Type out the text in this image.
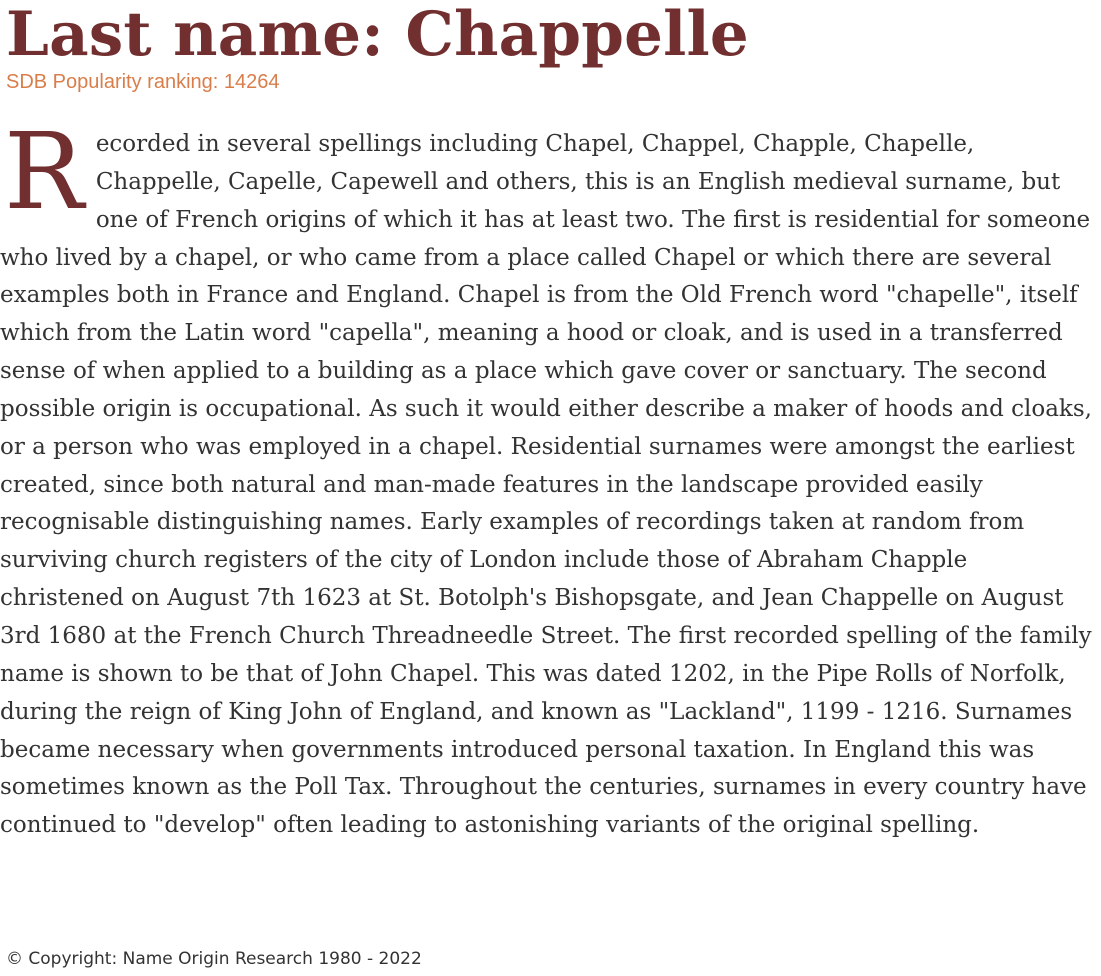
Last name: Chappelle
SDB Popularity ranking: 14264

Recorded in several spellings including Chapel, Chappel, Chapple, Chapelle, Chappelle, Capelle, Capewell and others, this is an English medieval surname, but one of French origins of which it has at least two. The first is residential for someone who lived by a chapel, or who came from a place called Chapel or which there are several examples both in France and England. Chapel is from the Old French word "chapelle", itself which from the Latin word "capella", meaning a hood or cloak, and is used in a transferred sense of when applied to a building as a place which gave cover or sanctuary. The second possible origin is occupational. As such it would either describe a maker of hoods and cloaks, or a person who was employed in a chapel. Residential surnames were amongst the earliest created, since both natural and man-made features in the landscape provided easily recognisable distinguishing names. Early examples of recordings taken at random from surviving church registers of the city of London include those of Abraham Chapple christened on August 7th 1623 at St. Botolph's Bishopsgate, and Jean Chappelle on August 3rd 1680 at the French Church Threadneedle Street. The first recorded spelling of the family name is shown to be that of John Chapel. This was dated 1202, in the Pipe Rolls of Norfolk, during the reign of King John of England, and known as "Lackland", 1199 - 1216. Surnames became necessary when governments introduced personal taxation. In England this was sometimes known as the Poll Tax. Throughout the centuries, surnames in every country have continued to "develop" often leading to astonishing variants of the original spelling.

© Copyright: Name Origin Research 1980 - 2022
